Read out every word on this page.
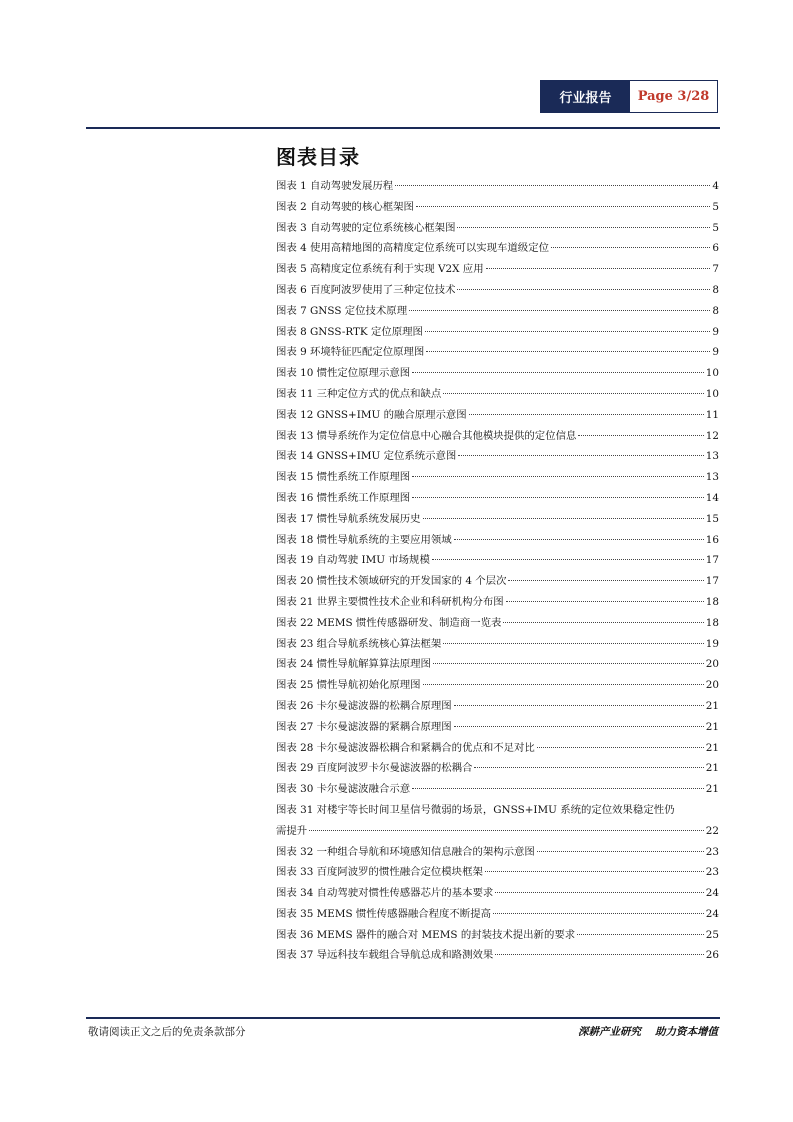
行业报告	Page 3/28
图表目录
图表 1 自动驾驶发展历程	4
图表 2 自动驾驶的核心框架图	5
图表 3 自动驾驶的定位系统核心框架图	5
图表 4 使用高精地图的高精度定位系统可以实现车道级定位	6
图表 5 高精度定位系统有利于实现 V2X 应用	7
图表 6 百度阿波罗使用了三种定位技术	8
图表 7 GNSS 定位技术原理	8
图表 8 GNSS-RTK 定位原理图	9
图表 9 环境特征匹配定位原理图	9
图表 10 惯性定位原理示意图	10
图表 11 三种定位方式的优点和缺点	10
图表 12 GNSS+IMU 的融合原理示意图	11
图表 13 惯导系统作为定位信息中心融合其他模块提供的定位信息	12
图表 14 GNSS+IMU 定位系统示意图	13
图表 15 惯性系统工作原理图	13
图表 16 惯性系统工作原理图	14
图表 17 惯性导航系统发展历史	15
图表 18 惯性导航系统的主要应用领域	16
图表 19 自动驾驶 IMU 市场规模	17
图表 20 惯性技术领域研究的开发国家的 4 个层次	17
图表 21 世界主要惯性技术企业和科研机构分布图	18
图表 22 MEMS 惯性传感器研发、制造商一览表	18
图表 23 组合导航系统核心算法框架	19
图表 24 惯性导航解算算法原理图	20
图表 25 惯性导航初始化原理图	20
图表 26 卡尔曼滤波器的松耦合原理图	21
图表 27 卡尔曼滤波器的紧耦合原理图	21
图表 28 卡尔曼滤波器松耦合和紧耦合的优点和不足对比	21
图表 29 百度阿波罗卡尔曼滤波器的松耦合	21
图表 30 卡尔曼滤波融合示意	21
图表 31 对楼宇等长时间卫星信号微弱的场景，GNSS+IMU 系统的定位效果稳定性仍
需提升	22
图表 32 一种组合导航和环境感知信息融合的架构示意图	23
图表 33 百度阿波罗的惯性融合定位模块框架	23
图表 34 自动驾驶对惯性传感器芯片的基本要求	24
图表 35 MEMS 惯性传感器融合程度不断提高	24
图表 36 MEMS 器件的融合对 MEMS 的封装技术提出新的要求	25
图表 37 导远科技车载组合导航总成和路测效果	26
敬请阅读正文之后的免责条款部分	深耕产业研究 助力资本增值
